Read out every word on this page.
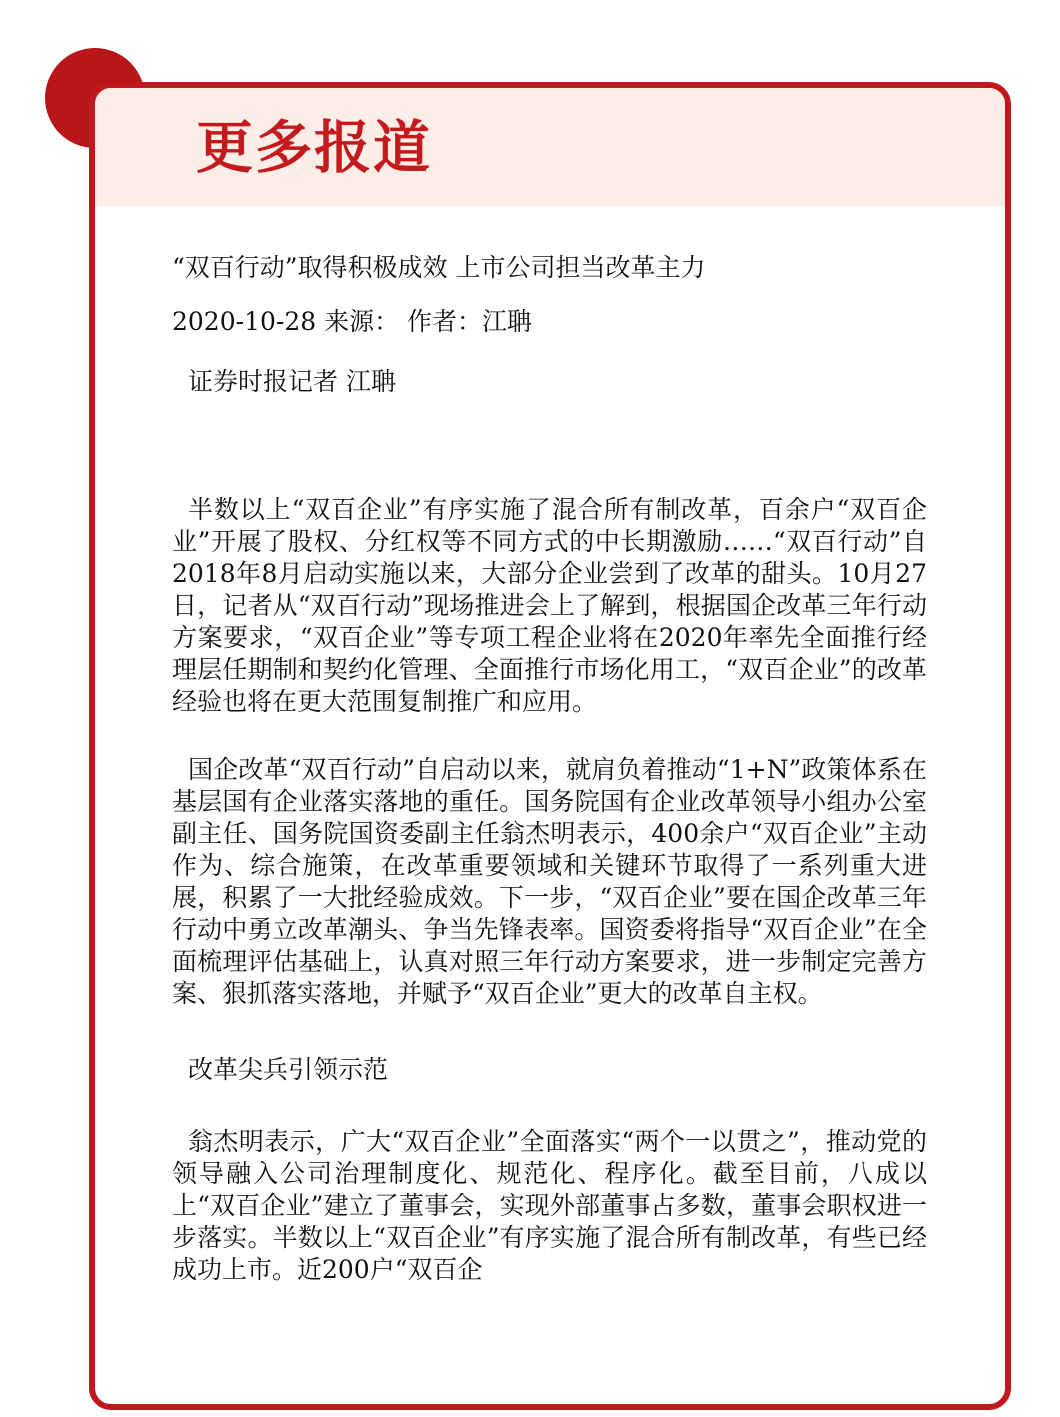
更多报道

“双百行动”取得积极成效 上市公司担当改革主力

2020-10-28 来源： 作者：江聃

证券时报记者 江聃

半数以上“双百企业”有序实施了混合所有制改革，百余户“双百企业”开展了股权、分红权等不同方式的中长期激励……“双百行动”自2018年8月启动实施以来，大部分企业尝到了改革的甜头。10月27日，记者从“双百行动”现场推进会上了解到，根据国企改革三年行动方案要求，“双百企业”等专项工程企业将在2020年率先全面推行经理层任期制和契约化管理、全面推行市场化用工，“双百企业”的改革经验也将在更大范围复制推广和应用。

国企改革“双百行动”自启动以来，就肩负着推动“1+N”政策体系在基层国有企业落实落地的重任。国务院国有企业改革领导小组办公室副主任、国务院国资委副主任翁杰明表示，400余户“双百企业”主动作为、综合施策，在改革重要领域和关键环节取得了一系列重大进展，积累了一大批经验成效。下一步，“双百企业”要在国企改革三年行动中勇立改革潮头、争当先锋表率。国资委将指导“双百企业”在全面梳理评估基础上，认真对照三年行动方案要求，进一步制定完善方案、狠抓落实落地，并赋予“双百企业”更大的改革自主权。

改革尖兵引领示范

翁杰明表示，广大“双百企业”全面落实“两个一以贯之”，推动党的领导融入公司治理制度化、规范化、程序化。截至目前，八成以上“双百企业”建立了董事会，实现外部董事占多数，董事会职权进一步落实。半数以上“双百企业”有序实施了混合所有制改革，有些已经成功上市。近200户“双百企
